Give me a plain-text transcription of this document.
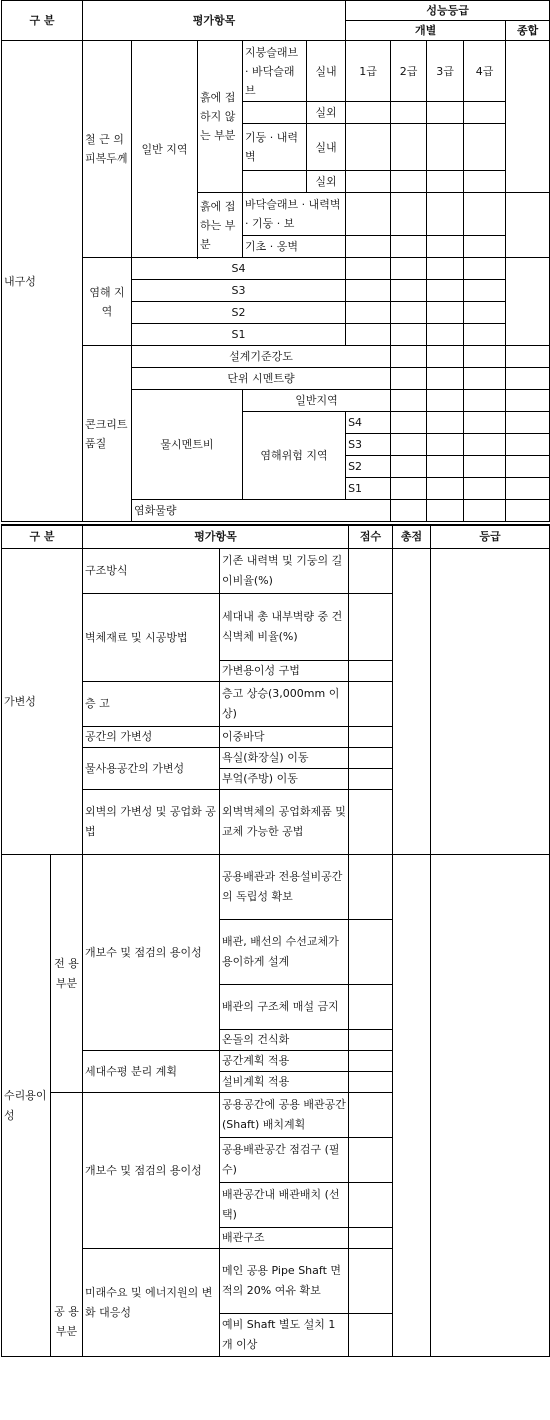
구 분	평가항목					성능등급					
						개별				종합	
내구성	철 근 의 피복두께	일반 지역	흙에 접하지 않는 부분	지붕슬래브 · 바닥슬래브	실내	1급	2급	3급	4급		

					실외						
				기둥 · 내력벽	실내						
					실외						
			흙에 접하는 부분	바닥슬래브 · 내력벽 · 기둥 · 보							
				기초 · 옹벽							

	염해 지역	S4									
		S3									
		S2									
		S1									
	콘크리트 품질	설계기준강도									
		단위 시멘트량									
		물시멘트비		일반지역							
				염해위험 지역		S4					
						S3					
						S2					
						S1					
		염화물량									
구 분		평가항목		점수	총점	등급
가변성		구조방식	기존 내력벽 및 기둥의 길이비율(%)			
		벽체재료 및 시공방법	세대내 총 내부벽량 중 건식벽체 비율(%)			
			가변용이성 구법			
		층 고	층고 상승(3,000mm 이상)			
		공간의 가변성	이중바닥			
		물사용공간의 가변성	욕실(화장실) 이동			
			부엌(주방) 이동			
		외벽의 가변성 및 공업화 공법	외벽벽체의 공업화제품 및 교체 가능한 공법			

수리용이성	전 용 부분	개보수 및 점검의 용이성	공용배관과 전용설비공간의 독립성 확보			
			배관, 배선의 수선교체가 용이하게 설계			
			배관의 구조체 매설 금지			
			온돌의 건식화			
		세대수평 분리 계획	공간계획 적용			
			설비계획 적용			
	공 용 부분	개보수 및 점검의 용이성	공용공간에 공용 배관공간(Shaft) 배치계획			
			공용배관공간 점검구 (필수)			
			배관공간내 배관배치 (선택)			
			배관구조			
		미래수요 및 에너지원의 변화 대응성	메인 공용 Pipe Shaft 면적의 20% 여유 확보			
			예비 Shaft 별도 설치 1개 이상			
